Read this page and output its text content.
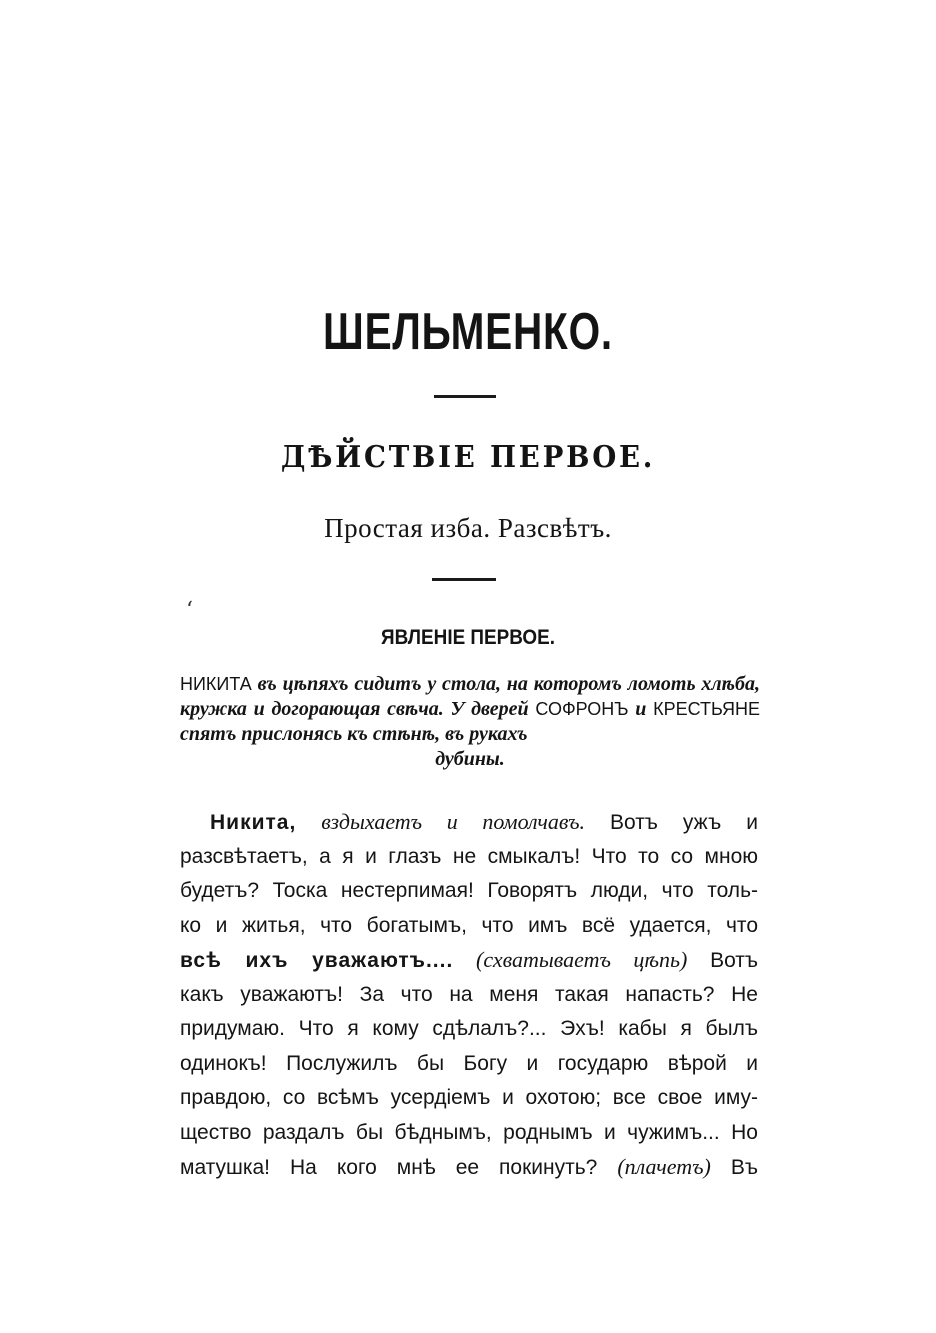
ШЕЛЬМЕНКО.
ДѢЙСТВІЕ ПЕРВОЕ.
Простая изба. Разсвѣтъ.
ʻ
ЯВЛЕНІЕ ПЕРВОЕ.
НИКИТА въ цѣпяхъ сидитъ у стола, на которомъ ломоть хлѣба, кружка и догорающая свѣча. У дверей СОФРОНЪ и КРЕСТЬЯНЕ спятъ прислонясь къ стѣнѣ, въ рукахъ
дубины.
Никита, вздыхаетъ и помолчавъ. Вотъ ужъ и
разсвѣтаетъ, а я и глазъ не смыкалъ! Что то со мною
будетъ? Тоска нестерпимая! Говорятъ люди, что толь-
ко и житья, что богатымъ, что имъ всё удается, что
всѣ ихъ уважаютъ.... (схватываетъ цѣпь) Вотъ
какъ уважаютъ! За что на меня такая напасть? Не
придумаю. Что я кому сдѣлалъ?... Эхъ! кабы я былъ
одинокъ! Послужилъ бы Богу и государю вѣрой и
правдою, со всѣмъ усердіемъ и охотою; все свое иму-
щество раздалъ бы бѣднымъ, роднымъ и чужимъ... Но
матушка! На кого мнѣ ее покинуть? (плачетъ) Въ
